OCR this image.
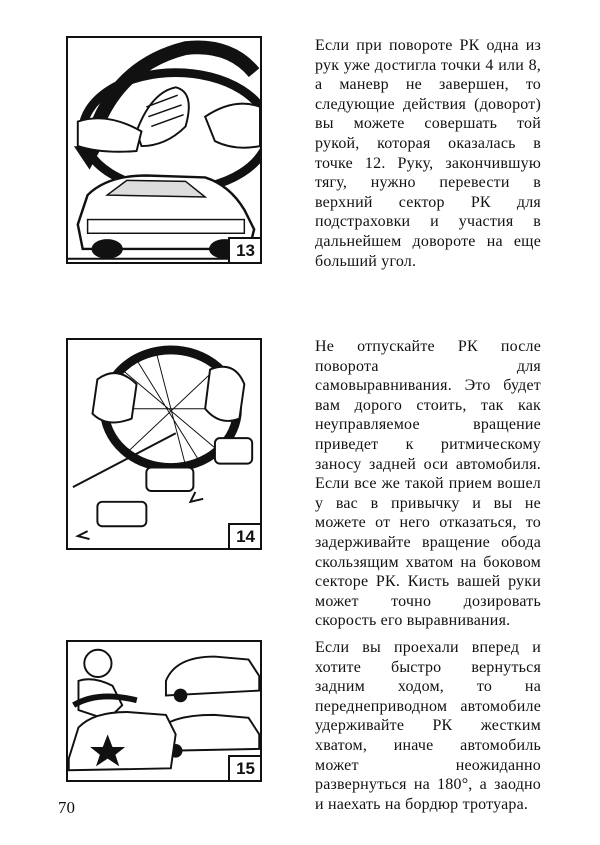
13

Если при повороте РК одна из рук уже достигла точки 4 или 8, а маневр не завершен, то следующие действия (доворот) вы можете совершать той рукой, которая оказалась в точке 12. Руку, закончившую тягу, нужно перевести в верхний сектор РК для подстраховки и участия в дальнейшем довороте на еще больший угол.

14

Не отпускайте РК после поворота для самовыравнивания. Это будет вам дорого стоить, так как неуправляемое вращение приведет к ритмическому заносу задней оси автомобиля. Если все же такой прием вошел у вас в привычку и вы не можете от него отказаться, то задерживайте вращение обода скользящим хватом на боковом секторе РК. Кисть вашей руки может точно дозировать скорость его выравнивания.

15

Если вы проехали вперед и хотите быстро вернуться задним ходом, то на переднеприводном автомобиле удерживайте РК жестким хватом, иначе автомобиль может неожиданно развернуться на 180°, а заодно и наехать на бордюр тротуара.

70
